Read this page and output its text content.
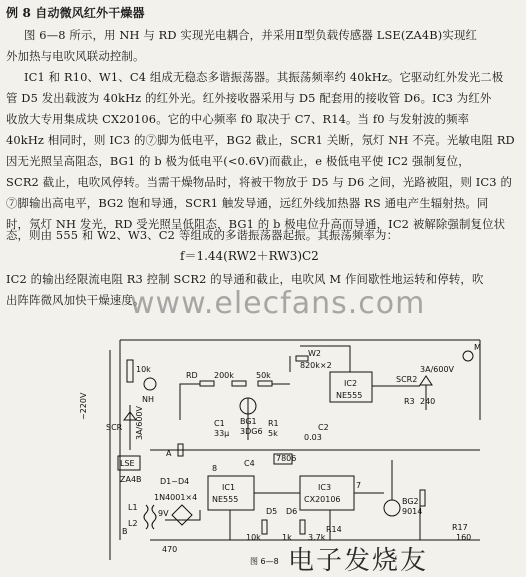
例 8 自动微风红外干燥器
图 6—8 所示，用 NH 与 RD 实现光电耦合，并采用Ⅱ型负载传感器 LSE(ZA4B)实现红
外加热与电吹风联动控制。
IC1 和 R10、W1、C4 组成无稳态多谐振荡器。其振荡频率约 40kHz。它驱动红外发光二极
管 D5 发出载波为 40kHz 的红外光。红外接收器采用与 D5 配套用的接收管 D6。IC3 为红外
收放大专用集成块 CX20106。它的中心频率 f0 取决于 C7、R14。当 f0 与发射波的频率
40kHz 相同时，则 IC3 的⑦脚为低电平，BG2 截止，SCR1 关断，氖灯 NH 不亮。光敏电阻 RD
因无光照呈高阻态，BG1 的 b 极为低电平(<0.6V)而截止，e 极低电平使 IC2 强制复位，
SCR2 截止，电吹风停转。当需干燥物品时，将被干物放于 D5 与 D6 之间，光路被阻，则 IC3 的
⑦脚输出高电平，BG2 饱和导通，SCR1 触发导通，远红外线加热器 RS 通电产生辐射热。同
时，氖灯 NH 发光，RD 受光照呈低阻态，BG1 的 b 极电位升高而导通，IC2 被解除强制复位状
态，则由 555 和 W2、W3、C2 等组成的多谐振荡器起振。其振荡频率为：
f＝1.44(RW2＋RW3)C2
IC2 的输出经限流电阻 R3 控制 SCR2 的导通和截止，电吹风 M 作间歇性地运转和停转，吹
出阵阵微风加快干燥速度。
www.elecfans.com
~220V
10k
NH
SCR 3A/600V
LSE
ZA4B D1~D4
1N4001×4
B
L1
L2
9V
470
RD 200k	50k
BG1
3DG6
C1
33μ
R1
5k
W2
820k×2
IC2
NE555
R3 240
SCR2
3A/600V
M
C2
0.03
7806
IC1
NE555
IC3
CX20106	BG2
9014
C4
D5 D6
R14	R17
160
A
10k	1k 3.7k
8
7
图 6—8 电子发烧友
